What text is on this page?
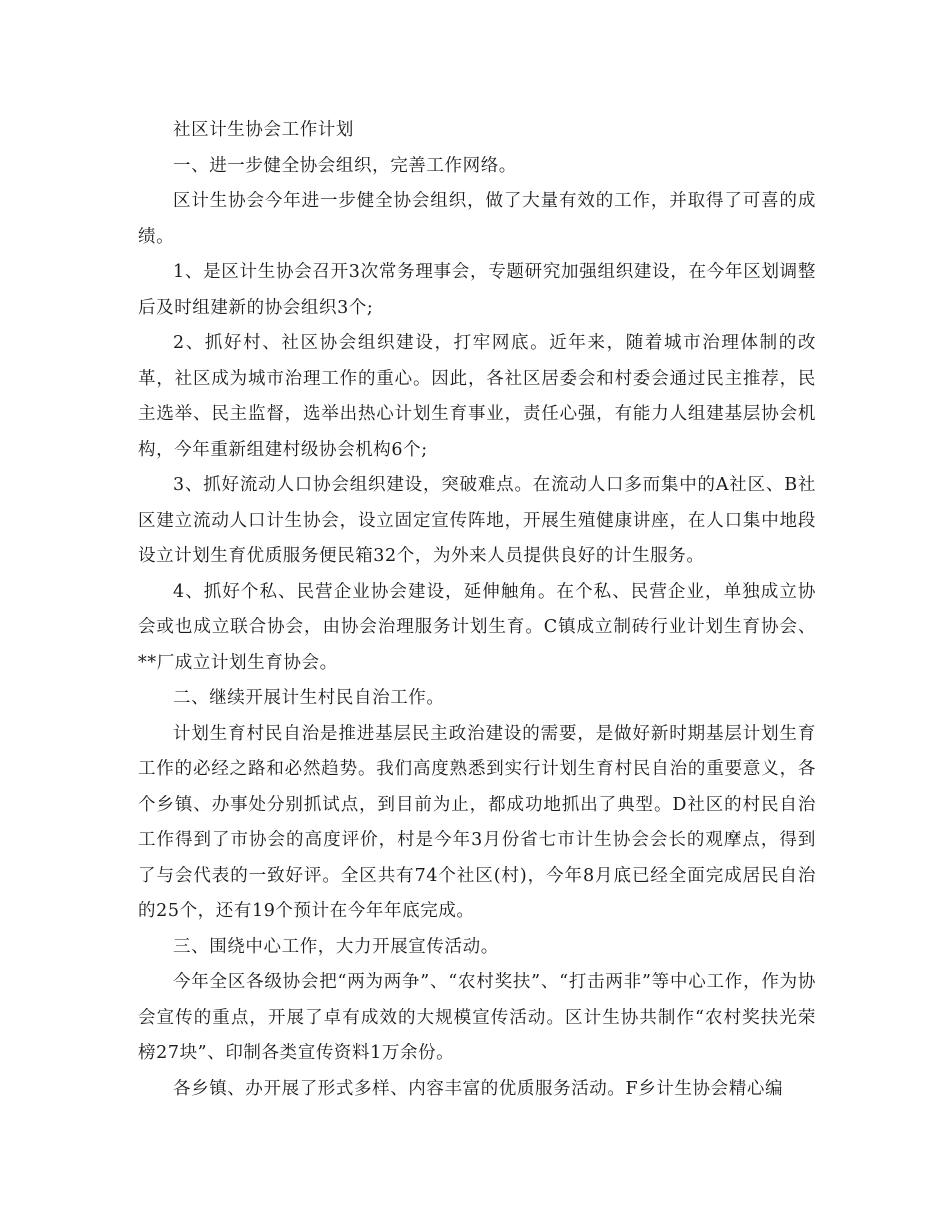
社区计生协会工作计划

一、进一步健全协会组织，完善工作网络。

区计生协会今年进一步健全协会组织，做了大量有效的工作，并取得了可喜的成绩。

1、是区计生协会召开3次常务理事会，专题研究加强组织建设，在今年区划调整后及时组建新的协会组织3个;

2、抓好村、社区协会组织建设，打牢网底。近年来，随着城市治理体制的改革，社区成为城市治理工作的重心。因此，各社区居委会和村委会通过民主推荐，民主选举、民主监督，选举出热心计划生育事业，责任心强，有能力人组建基层协会机构，今年重新组建村级协会机构6个;

3、抓好流动人口协会组织建设，突破难点。在流动人口多而集中的A社区、B社区建立流动人口计生协会，设立固定宣传阵地，开展生殖健康讲座，在人口集中地段设立计划生育优质服务便民箱32个，为外来人员提供良好的计生服务。

4、抓好个私、民营企业协会建设，延伸触角。在个私、民营企业，单独成立协会或也成立联合协会，由协会治理服务计划生育。C镇成立制砖行业计划生育协会、**厂成立计划生育协会。

二、继续开展计生村民自治工作。

计划生育村民自治是推进基层民主政治建设的需要，是做好新时期基层计划生育工作的必经之路和必然趋势。我们高度熟悉到实行计划生育村民自治的重要意义，各个乡镇、办事处分别抓试点，到目前为止，都成功地抓出了典型。D社区的村民自治工作得到了市协会的高度评价，村是今年3月份省七市计生协会会长的观摩点，得到了与会代表的一致好评。全区共有74个社区(村)，今年8月底已经全面完成居民自治的25个，还有19个预计在今年年底完成。

三、围绕中心工作，大力开展宣传活动。

今年全区各级协会把“两为两争”、“农村奖扶”、“打击两非”等中心工作，作为协会宣传的重点，开展了卓有成效的大规模宣传活动。区计生协共制作“农村奖扶光荣榜27块”、印制各类宣传资料1万余份。

各乡镇、办开展了形式多样、内容丰富的优质服务活动。F乡计生协会精心编
